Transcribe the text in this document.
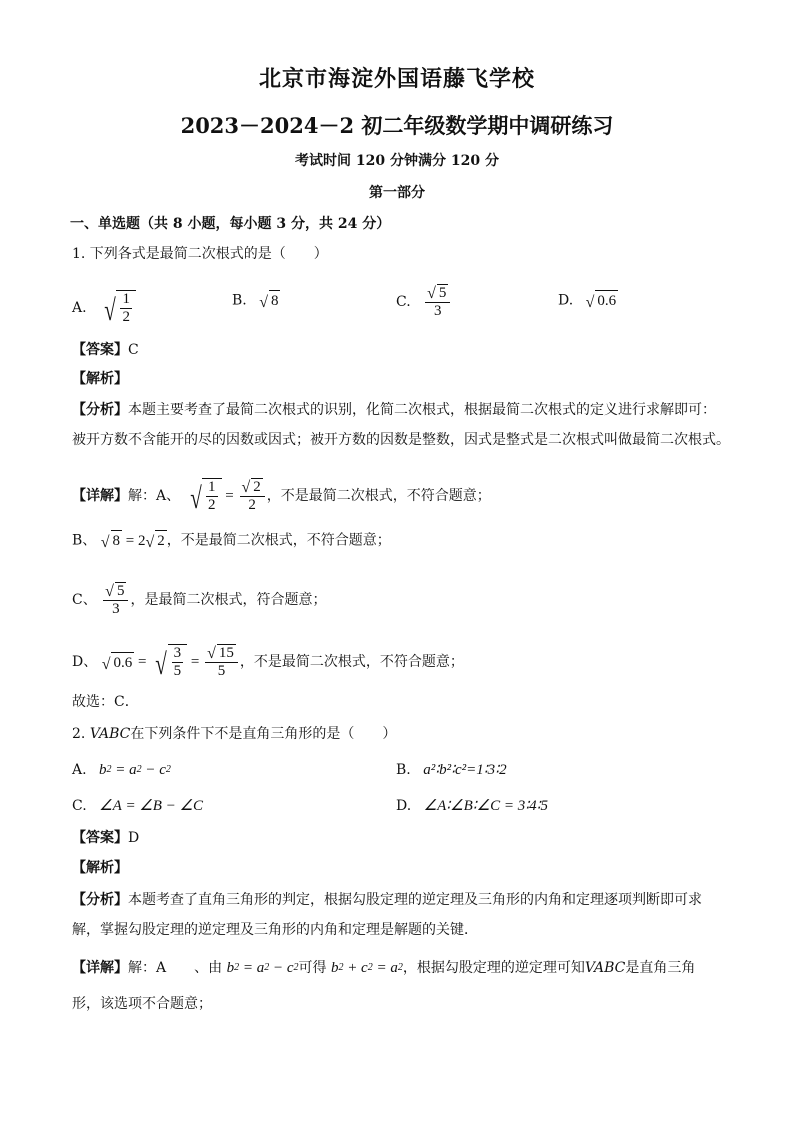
北京市海淀外国语藤飞学校
2023－2024－2 初二年级数学期中调研练习
考试时间 120 分钟满分 120 分
第一部分
一、单选题（共 8 小题，每小题 3 分，共 24 分）
1. 下列各式是最简二次根式的是（　　）
A. √ $\frac{1}{2}$	B. √ 8	C. $\frac{√ 5}{3}$	D. √ 0.6
【答案】C
【解析】
【分析】本题主要考查了最简二次根式的识别，化简二次根式，根据最简二次根式的定义进行求解即可：
被开方数不含能开的尽的因数或因式；被开方数的因数是整数，因式是整式是二次根式叫做最简二次根式。
【详解】解：A、 √ $\frac{1}{2} = \frac{√ 2}{2}$ ，不是最简二次根式，不符合题意；
B、 √ 8 = 2 √ 2 ，不是最简二次根式，不符合题意；
C、 $\frac{√ 5}{3}$ ，是最简二次根式，符合题意；
D、 √ 0.6 = √ $\frac{3}{5} = \frac{√ 15}{5}$ ，不是最简二次根式，不符合题意；
故选：C．
2. VABC在下列条件下不是直角三角形的是（　　）
A. b 2 = a 2 − c 2	B. a²∶b²∶c²=1∶3∶2
C. ∠A = ∠B − ∠C	D. ∠A∶∠B∶∠C = 3∶4∶5
【答案】D
【解析】
【分析】本题考查了直角三角形的判定，根据勾股定理的逆定理及三角形的内角和定理逐项判断即可求
解，掌握勾股定理的逆定理及三角形的内角和定理是解题的关键．
【详解】解：A　　、由 b 2 = a 2 − c 2 可得 b 2 + c 2 = a 2 ，根据勾股定理的逆定理可知VABC是直角三角
形，该选项不合题意；
